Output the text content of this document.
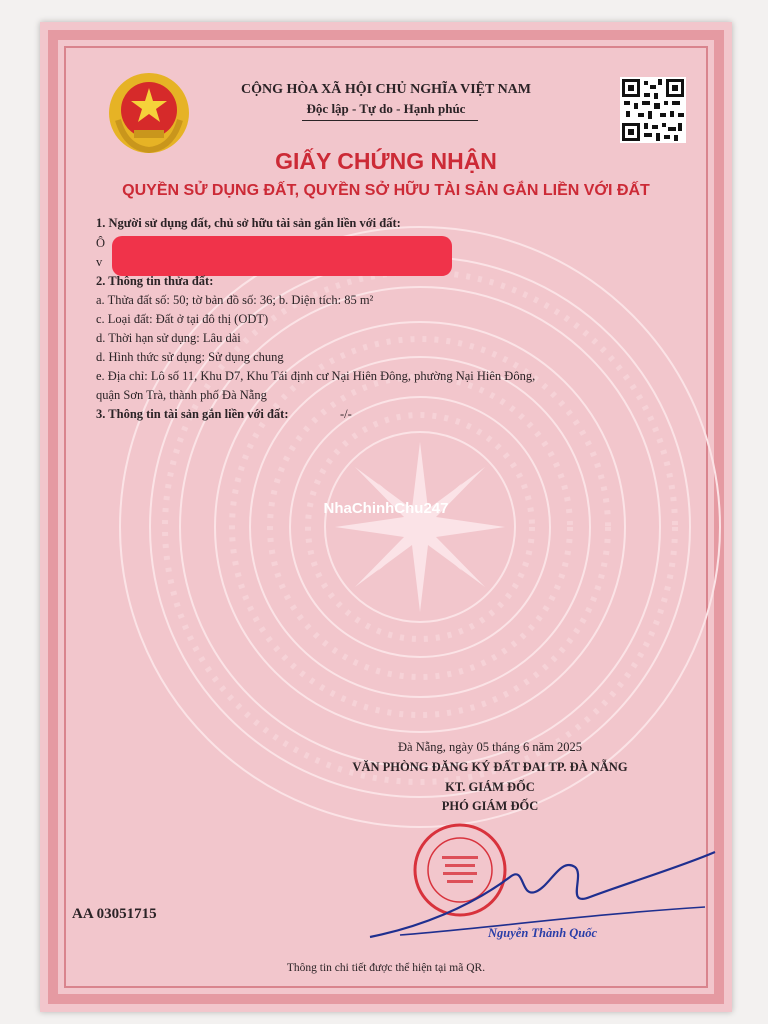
CỘNG HÒA XÃ HỘI CHỦ NGHĨA VIỆT NAM
Độc lập - Tự do - Hạnh phúc
GIẤY CHỨNG NHẬN
QUYỀN SỬ DỤNG ĐẤT, QUYỀN SỞ HỮU TÀI SẢN GẮN LIỀN VỚI ĐẤT
1. Người sử dụng đất, chủ sở hữu tài sản gắn liền với đất:
Ô
v
2. Thông tin thửa đất:
a. Thửa đất số: 50; tờ bản đồ số: 36; b. Diện tích: 85 m²
c. Loại đất: Đất ở tại đô thị (ODT)
d. Thời hạn sử dụng: Lâu dài
d. Hình thức sử dụng: Sử dụng chung
e. Địa chỉ: Lô số 11, Khu D7, Khu Tái định cư Nại Hiên Đông, phường Nại Hiên Đông,
quận Sơn Trà, thành phố Đà Nẵng
3. Thông tin tài sản gắn liền với đất:	-/-
NhaChinhChu247
Đà Nẵng, ngày 05 tháng 6 năm 2025
VĂN PHÒNG ĐĂNG KÝ ĐẤT ĐAI TP. ĐÀ NẴNG
KT. GIÁM ĐỐC
PHÓ GIÁM ĐỐC
Nguyễn Thành Quốc
AA 03051715
Thông tin chi tiết được thể hiện tại mã QR.
